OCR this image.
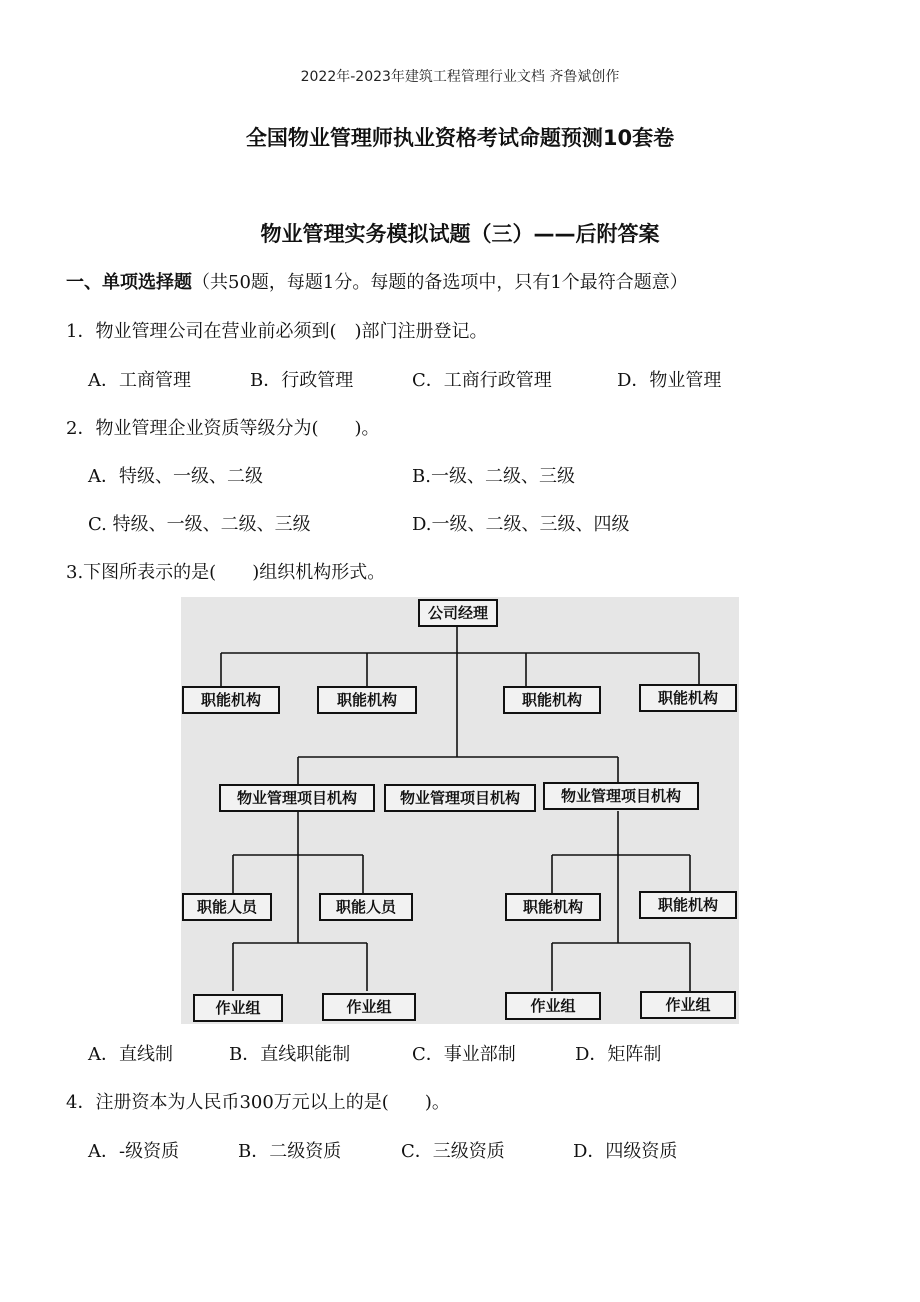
2022年-2023年建筑工程管理行业文档 齐鲁斌创作
全国物业管理师执业资格考试命题预测10套卷
物业管理实务模拟试题（三）——后附答案
一、单项选择题（共50题，每题1分。每题的备选项中，只有1个最符合题意）
1．物业管理公司在营业前必须到(　)部门注册登记。
A．工商管理	B．行政管理	C．工商行政管理	D．物业管理
2．物业管理企业资质等级分为(　　)。
A．特级、一级、二级	B.一级、二级、三级
C. 特级、一级、二级、三级	D.一级、二级、三级、四级
3.下图所表示的是(　　)组织机构形式。
公司经理
职能机构	职能机构	职能机构	职能机构
物业管理项目机构	物业管理项目机构	物业管理项目机构
职能人员	职能人员	职能机构	职能机构
作业组	作业组	作业组	作业组
A．直线制	B．直线职能制	C．事业部制	D．矩阵制
4．注册资本为人民币300万元以上的是(　　)。
A．-级资质	B．二级资质	C．三级资质	D．四级资质
